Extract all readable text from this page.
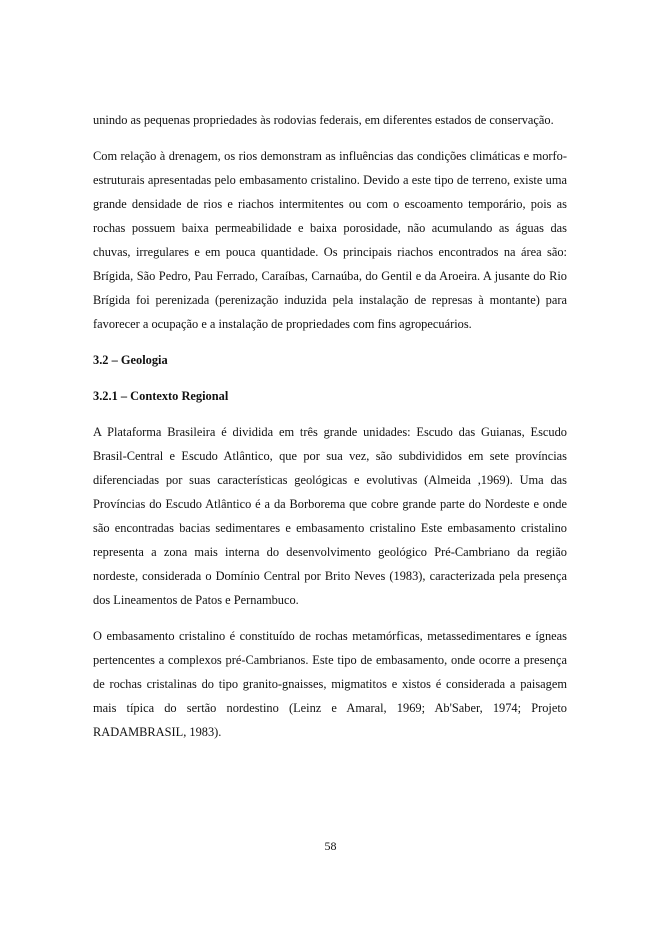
unindo as pequenas propriedades às rodovias federais, em diferentes estados de conservação.

Com relação à drenagem, os rios demonstram as influências das condições climáticas e morfo-estruturais apresentadas pelo embasamento cristalino. Devido a este tipo de terreno, existe uma grande densidade de rios e riachos intermitentes ou com o escoamento temporário, pois as rochas possuem baixa permeabilidade e baixa porosidade, não acumulando as águas das chuvas, irregulares e em pouca quantidade. Os principais riachos encontrados na área são: Brígida, São Pedro, Pau Ferrado, Caraíbas, Carnaúba, do Gentil e da Aroeira. A jusante do Rio Brígida foi perenizada (perenização induzida pela instalação de represas à montante) para favorecer a ocupação e a instalação de propriedades com fins agropecuários.

3.2 – Geologia
3.2.1 – Contexto Regional

A Plataforma Brasileira é dividida em três grande unidades: Escudo das Guianas, Escudo Brasil-Central e Escudo Atlântico, que por sua vez, são subdivididos em sete províncias diferenciadas por suas características geológicas e evolutivas (Almeida ,1969). Uma das Províncias do Escudo Atlântico é a da Borborema que cobre grande parte do Nordeste e onde são encontradas bacias sedimentares e embasamento cristalino Este embasamento cristalino representa a zona mais interna do desenvolvimento geológico Pré-Cambriano da região nordeste, considerada o Domínio Central por Brito Neves (1983), caracterizada pela presença dos Lineamentos de Patos e Pernambuco.

O embasamento cristalino é constituído de rochas metamórficas, metassedimentares e ígneas pertencentes a complexos pré-Cambrianos. Este tipo de embasamento, onde ocorre a presença de rochas cristalinas do tipo granito-gnaisses, migmatitos e xistos é considerada a paisagem mais típica do sertão nordestino (Leinz e Amaral, 1969; Ab'Saber, 1974; Projeto RADAMBRASIL, 1983).

58
